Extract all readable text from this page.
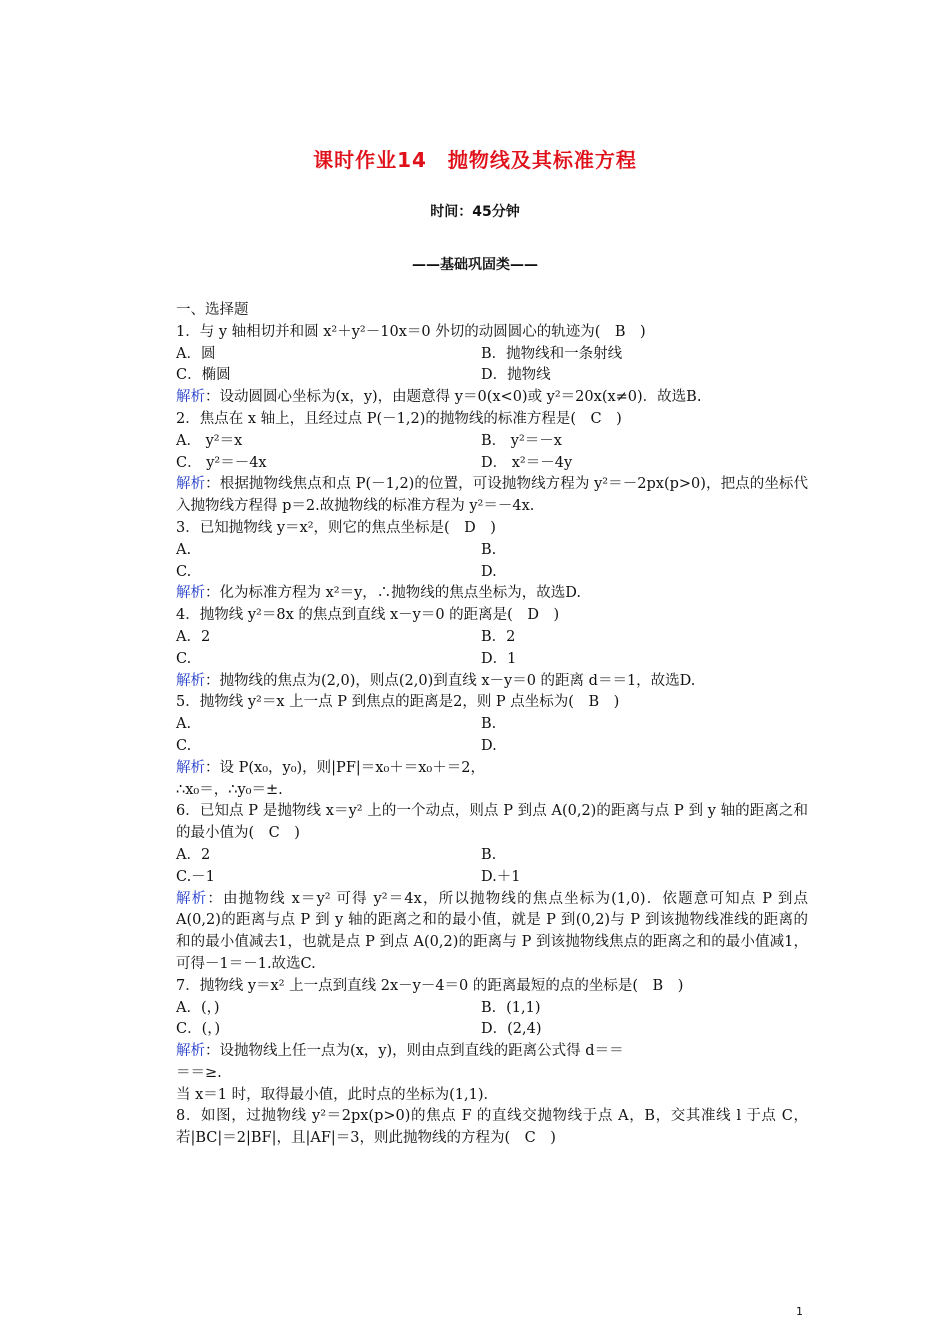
课时作业14　抛物线及其标准方程
时间：45分钟
——基础巩固类——
一、选择题
1．与 y 轴相切并和圆 x²＋y²－10x＝0 外切的动圆圆心的轨迹为(　B　)
A．圆	B．抛物线和一条射线
C．椭圆	D．抛物线
解析：设动圆圆心坐标为(x，y)，由题意得 y＝0(x<0)或 y²＝20x(x≠0)．故选B.
2．焦点在 x 轴上，且经过点 P(－1,2)的抛物线的标准方程是(　C　)
A． y²＝x	B． y²＝－x
C． y²＝－4x	D． x²＝－4y
解析：根据抛物线焦点和点 P(－1,2)的位置，可设抛物线方程为 y²＝－2px(p>0)，把点的坐标代入抛物线方程得 p＝2.故抛物线的标准方程为 y²＝－4x.
3．已知抛物线 y＝x²，则它的焦点坐标是(　D　)
A.	B.
C.	D.
解析：化为标准方程为 x²＝y，∴抛物线的焦点坐标为，故选D.
4．抛物线 y²＝8x 的焦点到直线 x－y＝0 的距离是(　D　)
A．2	B．2
C.	D．1
解析：抛物线的焦点为(2,0)，则点(2,0)到直线 x－y＝0 的距离 d＝＝1，故选D.
5．抛物线 y²＝x 上一点 P 到焦点的距离是2，则 P 点坐标为(　B　)
A.	B.
C.	D.
解析：设 P(x₀，y₀)，则|PF|＝x₀＋＝x₀＋＝2，
∴x₀＝，∴y₀＝±.
6．已知点 P 是抛物线 x＝y² 上的一个动点，则点 P 到点 A(0,2)的距离与点 P 到 y 轴的距离之和的最小值为(　C　)
A．2	B.
C.－1	D.＋1
解析：由抛物线 x＝y² 可得 y²＝4x，所以抛物线的焦点坐标为(1,0)．依题意可知点 P 到点 A(0,2)的距离与点 P 到 y 轴的距离之和的最小值，就是 P 到(0,2)与 P 到该抛物线准线的距离的和的最小值减去1，也就是点 P 到点 A(0,2)的距离与 P 到该抛物线焦点的距离之和的最小值减1，可得－1＝－1.故选C.
7．抛物线 y＝x² 上一点到直线 2x－y－4＝0 的距离最短的点的坐标是(　B　)
A．(，)	B．(1,1)
C．(，)	D．(2,4)
解析：设抛物线上任一点为(x，y)，则由点到直线的距离公式得 d＝＝
＝＝≥.
当 x＝1 时，取得最小值，此时点的坐标为(1,1)．
8．如图，过抛物线 y²＝2px(p>0)的焦点 F 的直线交抛物线于点 A，B，交其准线 l 于点 C，若|BC|＝2|BF|，且|AF|＝3，则此抛物线的方程为(　C　)
1
